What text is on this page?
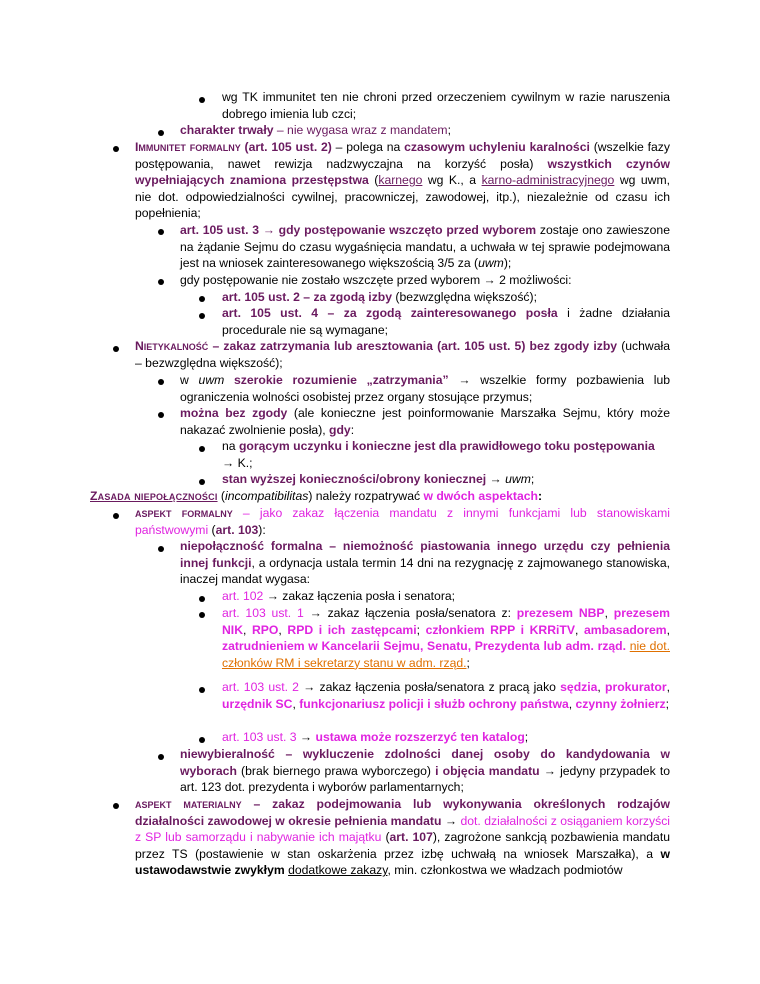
wg TK immunitet ten nie chroni przed orzeczeniem cywilnym w razie naruszenia dobrego imienia lub czci;
charakter trwały – nie wygasa wraz z mandatem;
Immunitet formalny (art. 105 ust. 2) – polega na czasowym uchyleniu karalności (wszelkie fazy postępowania, nawet rewizja nadzwyczajna na korzyść posła) wszystkich czynów wypełniających znamiona przestępstwa (karnego wg K., a karno-administracyjnego wg uwm, nie dot. odpowiedzialności cywilnej, pracowniczej, zawodowej, itp.), niezależnie od czasu ich popełnienia;
art. 105 ust. 3 → gdy postępowanie wszczęto przed wyborem zostaje ono zawieszone na żądanie Sejmu do czasu wygaśnięcia mandatu, a uchwała w tej sprawie podejmowana jest na wniosek zainteresowanego większością 3/5 za (uwm);
gdy postępowanie nie zostało wszczęte przed wyborem → 2 możliwości:
art. 105 ust. 2 – za zgodą izby (bezwzględna większość);
art. 105 ust. 4 – za zgodą zainteresowanego posła i żadne działania procedurale nie są wymagane;
Nietykalność – zakaz zatrzymania lub aresztowania (art. 105 ust. 5) bez zgody izby (uchwała – bezwzględna większość);
w uwm szerokie rozumienie „zatrzymania” → wszelkie formy pozbawienia lub ograniczenia wolności osobistej przez organy stosujące przymus;
można bez zgody (ale konieczne jest poinformowanie Marszałka Sejmu, który może nakazać zwolnienie posła), gdy:
na gorącym uczynku i konieczne jest dla prawidłowego toku postępowania → K.;
stan wyższej konieczności/obrony koniecznej → uwm;
Zasada niepołączności (incompatibilitas) należy rozpatrywać w dwóch aspektach:
aspekt formalny – jako zakaz łączenia mandatu z innymi funkcjami lub stanowiskami państwowymi (art. 103):
niepołączność formalna – niemożność piastowania innego urzędu czy pełnienia innej funkcji, a ordynacja ustala termin 14 dni na rezygnację z zajmowanego stanowiska, inaczej mandat wygasa:
art. 102 → zakaz łączenia posła i senatora;
art. 103 ust. 1 → zakaz łączenia posła/senatora z: prezesem NBP, prezesem NIK, RPO, RPD i ich zastępcami; członkiem RPP i KRRiTV, ambasadorem, zatrudnieniem w Kancelarii Sejmu, Senatu, Prezydenta lub adm. rząd. nie dot. członków RM i sekretarzy stanu w adm. rząd.;
art. 103 ust. 2 → zakaz łączenia posła/senatora z pracą jako sędzia, prokurator, urzędnik SC, funkcjonariusz policji i służb ochrony państwa, czynny żołnierz;
art. 103 ust. 3 → ustawa może rozszerzyć ten katalog;
niewybieralność – wykluczenie zdolności danej osoby do kandydowania w wyborach (brak biernego prawa wyborczego) i objęcia mandatu → jedyny przypadek to art. 123 dot. prezydenta i wyborów parlamentarnych;
aspekt materialny – zakaz podejmowania lub wykonywania określonych rodzajów działalności zawodowej w okresie pełnienia mandatu → dot. działalności z osiąganiem korzyści z SP lub samorządu i nabywanie ich majątku (art. 107), zagrożone sankcją pozbawienia mandatu przez TS (postawienie w stan oskarżenia przez izbę uchwałą na wniosek Marszałka), a w ustawodawstwie zwykłym dodatkowe zakazy, min. członkostwa we władzach podmiotów
